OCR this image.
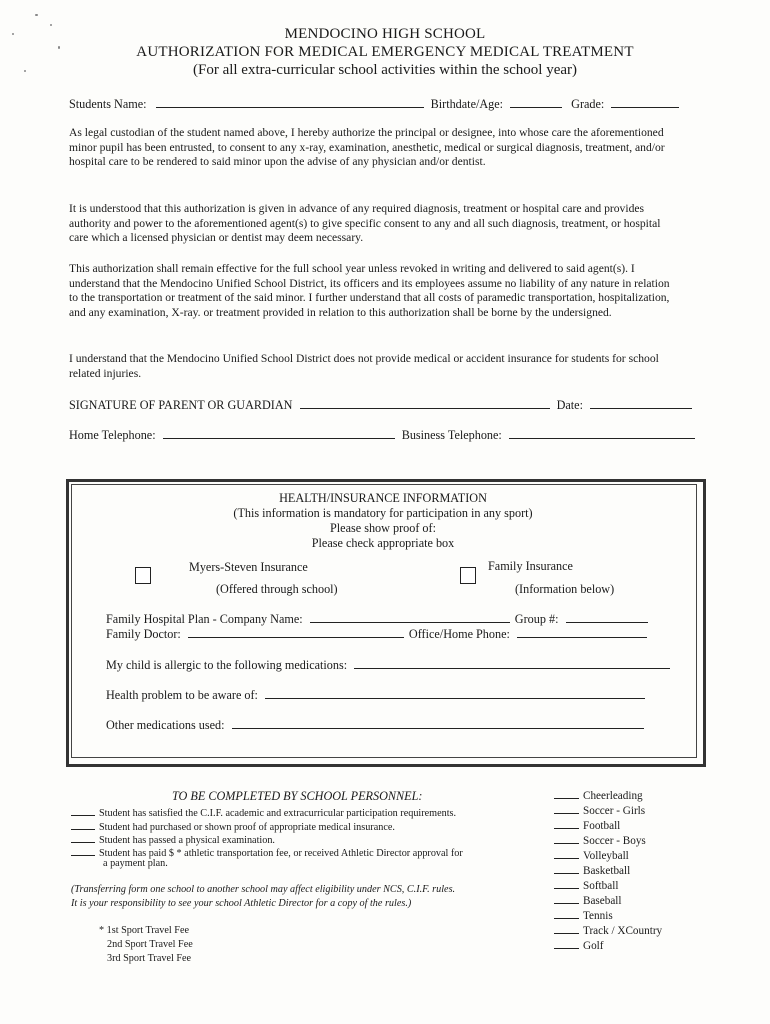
MENDOCINO HIGH SCHOOL
AUTHORIZATION FOR MEDICAL EMERGENCY MEDICAL TREATMENT
(For all extra-curricular school activities within the school year)
Students Name:	Birthdate/Age:	Grade:
As legal custodian of the student named above, I hereby authorize the principal or designee, into whose care the aforementioned minor pupil has been entrusted, to consent to any x-ray, examination, anesthetic, medical or surgical diagnosis, treatment, and/or hospital care to be rendered to said minor upon the advise of any physician and/or dentist.
It is understood that this authorization is given in advance of any required diagnosis, treatment or hospital care and provides authority and power to the aforementioned agent(s) to give specific consent to any and all such diagnosis, treatment, or hospital care which a licensed physician or dentist may deem necessary.
This authorization shall remain effective for the full school year unless revoked in writing and delivered to said agent(s). I understand that the Mendocino Unified School District, its officers and its employees assume no liability of any nature in relation to the transportation or treatment of the said minor. I further understand that all costs of paramedic transportation, hospitalization, and any examination, X-ray. or treatment provided in relation to this authorization shall be borne by the undersigned.
I understand that the Mendocino Unified School District does not provide medical or accident insurance for students for school related injuries.
SIGNATURE OF PARENT OR GUARDIAN	Date:
Home Telephone:	Business Telephone:
HEALTH/INSURANCE INFORMATION
(This information is mandatory for participation in any sport)
Please show proof of:
Please check appropriate box
Myers-Steven Insurance
(Offered through school)
Family Insurance
(Information below)
Family Hospital Plan - Company Name:	Group #:
Family Doctor:	Office/Home Phone:
My child is allergic to the following medications:
Health problem to be aware of:
Other medications used:
TO BE COMPLETED BY SCHOOL PERSONNEL:
Student has satisfied the C.I.F. academic and extracurricular participation requirements.
Student had purchased or shown proof of appropriate medical insurance.
Student has passed a physical examination.
Student has paid $ * athletic transportation fee, or received Athletic Director approval for
a payment plan.
(Transferring form one school to another school may affect eligibility under NCS, C.I.F. rules.
It is your responsibility to see your school Athletic Director for a copy of the rules.)
* 1st Sport Travel Fee
2nd Sport Travel Fee
3rd Sport Travel Fee
Cheerleading
Soccer - Girls
Football
Soccer - Boys
Volleyball
Basketball
Softball
Baseball
Tennis
Track / XCountry
Golf
